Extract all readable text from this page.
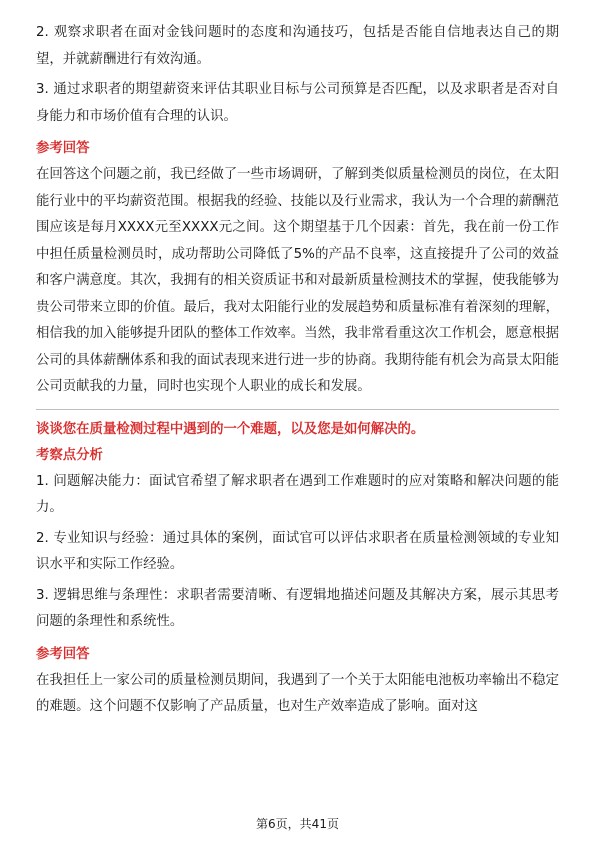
2. 观察求职者在面对金钱问题时的态度和沟通技巧，包括是否能自信地表达自己的期望，并就薪酬进行有效沟通。

3. 通过求职者的期望薪资来评估其职业目标与公司预算是否匹配，以及求职者是否对自身能力和市场价值有合理的认识。

参考回答

在回答这个问题之前，我已经做了一些市场调研，了解到类似质量检测员的岗位，在太阳能行业中的平均薪资范围。根据我的经验、技能以及行业需求，我认为一个合理的薪酬范围应该是每月XXXX元至XXXX元之间。这个期望基于几个因素：首先，我在前一份工作中担任质量检测员时，成功帮助公司降低了5%的产品不良率，这直接提升了公司的效益和客户满意度。其次，我拥有的相关资质证书和对最新质量检测技术的掌握，使我能够为贵公司带来立即的价值。最后，我对太阳能行业的发展趋势和质量标准有着深刻的理解，相信我的加入能够提升团队的整体工作效率。当然，我非常看重这次工作机会，愿意根据公司的具体薪酬体系和我的面试表现来进行进一步的协商。我期待能有机会为高景太阳能公司贡献我的力量，同时也实现个人职业的成长和发展。

谈谈您在质量检测过程中遇到的一个难题，以及您是如何解决的。

考察点分析

1. 问题解决能力：面试官希望了解求职者在遇到工作难题时的应对策略和解决问题的能力。

2. 专业知识与经验：通过具体的案例，面试官可以评估求职者在质量检测领域的专业知识水平和实际工作经验。

3. 逻辑思维与条理性：求职者需要清晰、有逻辑地描述问题及其解决方案，展示其思考问题的条理性和系统性。

参考回答

在我担任上一家公司的质量检测员期间，我遇到了一个关于太阳能电池板功率输出不稳定的难题。这个问题不仅影响了产品质量，也对生产效率造成了影响。面对这

第6页，共41页
